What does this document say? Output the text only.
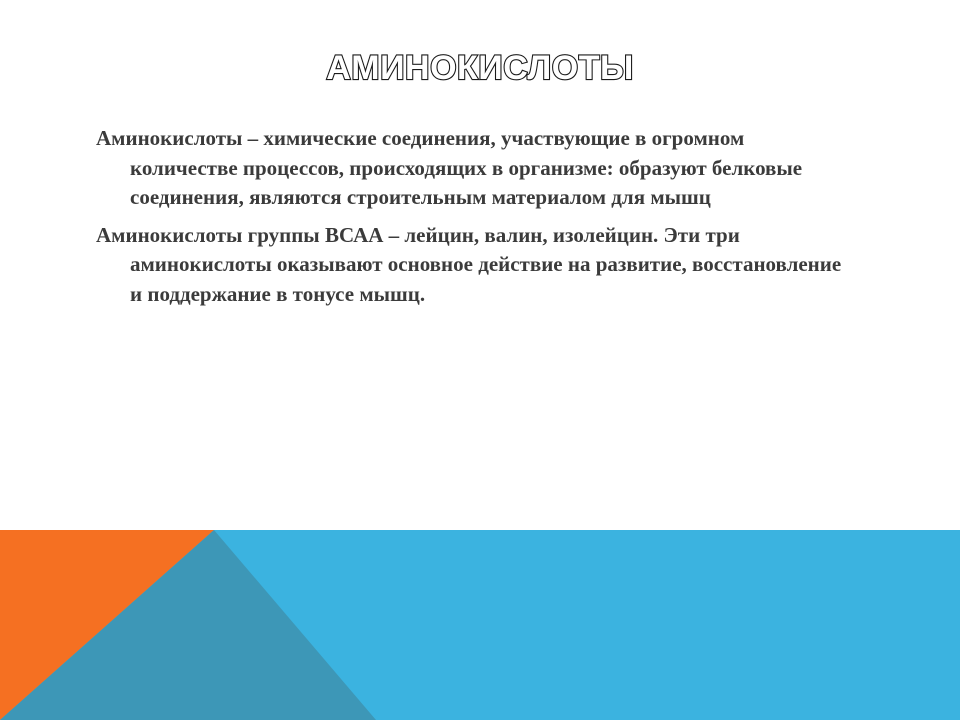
АМИНОКИСЛОТЫ

Аминокислоты – химические соединения, участвующие в огромном количестве процессов, происходящих в организме: образуют белковые соединения, являются строительным материалом для мышц

Аминокислоты группы ВСАА – лейцин, валин, изолейцин. Эти три аминокислоты оказывают основное действие на развитие, восстановление и поддержание в тонусе мышц.
